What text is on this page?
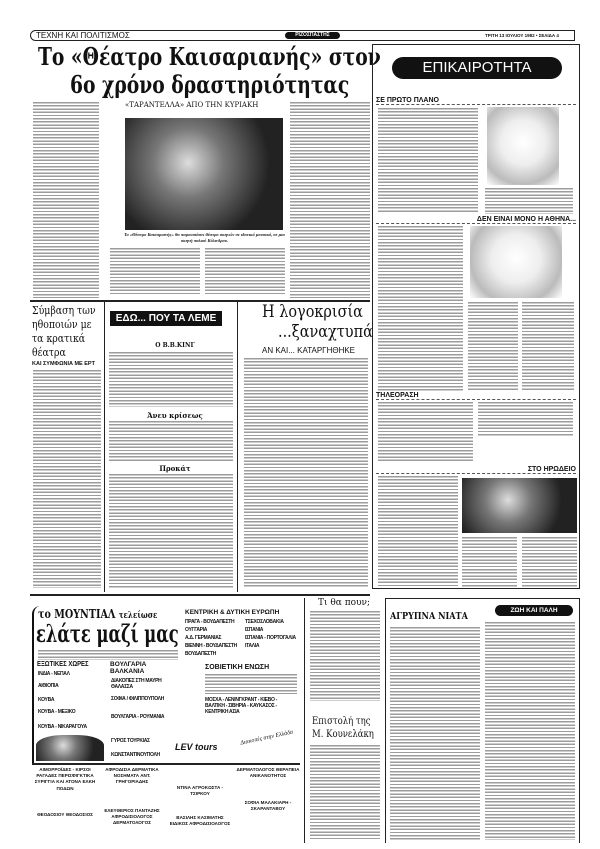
ΤΕΧΝΗ ΚΑΙ ΠΟΛΙΤΙΣΜΟΣ	ΡΙΖΟΣΠΑΣΤΗΣ	ΤΡΙΤΗ 13 ΙΟΥΛΙΟΥ 1982 • ΣΕΛΙΔΑ 4
Το «Θέατρο Καισαριανής» στον
6ο χρόνο δραστηριότητας
«ΤΑΡΑΝΤΕΛΛΑ» ΑΠΟ ΤΗΝ ΚΥΡΙΑΚΗ
Το «Θέατρο Καισαριανής» θα παρουσιάσει θέατρο σκηνών σε ιδανικό μουσικό, σε μια σκηνή παλιού Κύλινδρου.
ΕΠΙΚΑΙΡΟΤΗΤΑ
ΣΕ ΠΡΩΤΟ ΠΛΑΝΟ
ΔΕΝ ΕΙΝΑΙ ΜΟΝΟ Η ΑΘΗΝΑ...
ΤΗΛΕΟΡΑΣΗ
ΣΤΟ ΗΡΩΔΕΙΟ
Σύμβαση των
ηθοποιών με
τα κρατικά
θέατρα
ΚΑΙ ΣΥΜΦΩΝΙΑ ΜΕ ΕΡΤ
ΕΔΩ... ΠΟΥ ΤΑ ΛΕΜΕ
Ο Β.Β.ΚΙΝΓ
Άνευ κρίσεως
Προκάτ
Η λογοκρισία
...ξαναχτυπά
ΑΝ ΚΑΙ... ΚΑΤΑΡΓΗΘΗΚΕ
το ΜΟΥΝΤΙΑΛ τελείωσε
ελάτε μαζί μας
ΕΞΩΤΙΚΕΣ ΧΩΡΕΣ
ΙΝΔΙΑ - ΝΕΠΑΛ
ΑΙΘΙΟΠΙΑ
ΚΟΥΒΑ
ΚΟΥΒΑ - ΜΕΞΙΚΟ
ΚΟΥΒΑ - ΝΙΚΑΡΑΓΟΥΑ
ΒΟΥΛΓΑΡΙΑ ΒΑΛΚΑΝΙΑ
ΔΙΑΚΟΠΕΣ ΣΤΗ ΜΑΥΡΗ ΘΑΛΑΣΣΑ
ΣΟΦΙΑ / ΦΙΛΙΠΠΟΥΠΟΛΗ
ΒΟΥΛΓΑΡΙΑ - ΡΟΥΜΑΝΙΑ
ΓΥΡΟΣ ΤΟΥΡΚΙΑΣ
ΚΩΝΣΤΑΝΤΙΝΟΥΠΟΛΗ
ΚΕΝΤΡΙΚΗ & ΔΥΤΙΚΗ ΕΥΡΩΠΗ
ΠΡΑΓΑ - ΒΟΥΔΑΠΕΣΤΗ
ΟΥΓΓΑΡΙΑ
Α.Δ. ΓΕΡΜΑΝΙΑΣ
ΒΙΕΝΝΗ - ΒΟΥΔΑΠΕΣΤΗ
ΒΟΥΔΑΠΕΣΤΗ
ΤΣΕΧΟΣΛΟΒΑΚΙΑ
ΙΣΠΑΝΙΑ
ΙΣΠΑΝΙΑ - ΠΟΡΤΟΓΑΛΙΑ
ΙΤΑΛΙΑ
ΣΟΒΙΕΤΙΚΗ ΕΝΩΣΗ
ΜΟΣΧΑ - ΛΕΝΙΝΓΚΡΑΝΤ - ΚΙΕΒΟ - ΒΑΛΤΙΚΗ - ΣΙΒΗΡΙΑ - ΚΑΥΚΑΣΟΣ - ΚΕΝΤΡΙΚΗ ΑΣΙΑ
Διακοπές στην Ελλάδα
LEV tours
ΑΙΜΟΡΡΟΪΔΕΣ - ΚΙΡΣΟΙ ΡΑΓΑΔΕΣ ΠΕΡΙΣΦΙΓΚΤΙΚΑ ΣΥΡΙΓΓΙΑ ΚΑΙ ΑΤΟΝΑ ΕΛΚΗ ΠΟΔΩΝ
ΘΕΟΔΟΣΙΟΥ ΘΕΟΔΟΣΙΟΣ
ΑΦΡΟΔΙΣΙΑ ΔΕΡΜΑΤΙΚΑ ΝΟΣΗΜΑΤΑ ΑΝΤ. ΓΡΗΓΟΡΙΑΔΗΣ
ΕΛΕΥΘΕΡΙΟΣ ΠΑΝΤΑΖΗΣ ΑΦΡΟΔΙΣΙΟΛΟΓΟΣ ΔΕΡΜΑΤΟΛΟΓΟΣ
ΝΤΙΝΑ ΑΓΡΟΚΩΣΤΑ - ΤΣΙΡΚΟΥ
ΒΑΣΙΛΗΣ ΚΑΣΙΜΑΤΗΣ ΕΙΔΙΚΟΣ ΑΦΡΟΔΙΣΙΟΛΟΓΟΣ
ΔΕΡΜΑΤΟΛΟΓΟΣ ΘΕΡΑΠΕΙΑ ΑΝΙΚΑΝΟΤΗΤΟΣ
ΣΟΦΙΑ ΜΑΛΑΚΙΑΡΗ - ΣΚΑΡΑΝΤΑΒΟΥ
Τι θα πουν;
Επιστολή της
Μ. Κουνελάκη
ΑΓΡΥΠΝΑ ΝΙΑΤΑ
ΖΩΗ ΚΑΙ ΠΑΛΗ
